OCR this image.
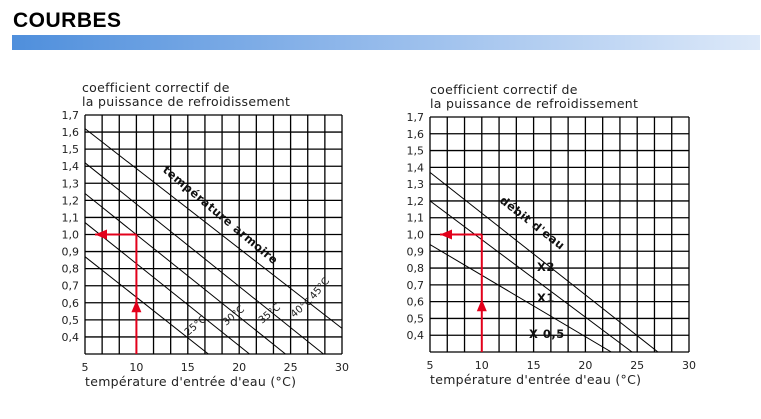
COURBES
coefficient correctif de
la puissance de refroidissement
0,4
0,5
0,6
0,7
0,8
0,9
1,0
1,1
1,2
1,3
1,4
1,5
1,6
1,7
5	10	15	20	25	30
température d'entrée d'eau (°C)
25°C 30°C 35°C 40°C
45°C
température armoire
coefficient correctif de
la puissance de refroidissement
0,4
0,5
0,6
0,7
0,8
0,9
1,0
1,1
1,2
1,3
1,4
1,5
1,6
1,7
5	10	15	20	25	30
température d'entrée d'eau (°C)
X 0,5
X1
X2
débit d'eau
